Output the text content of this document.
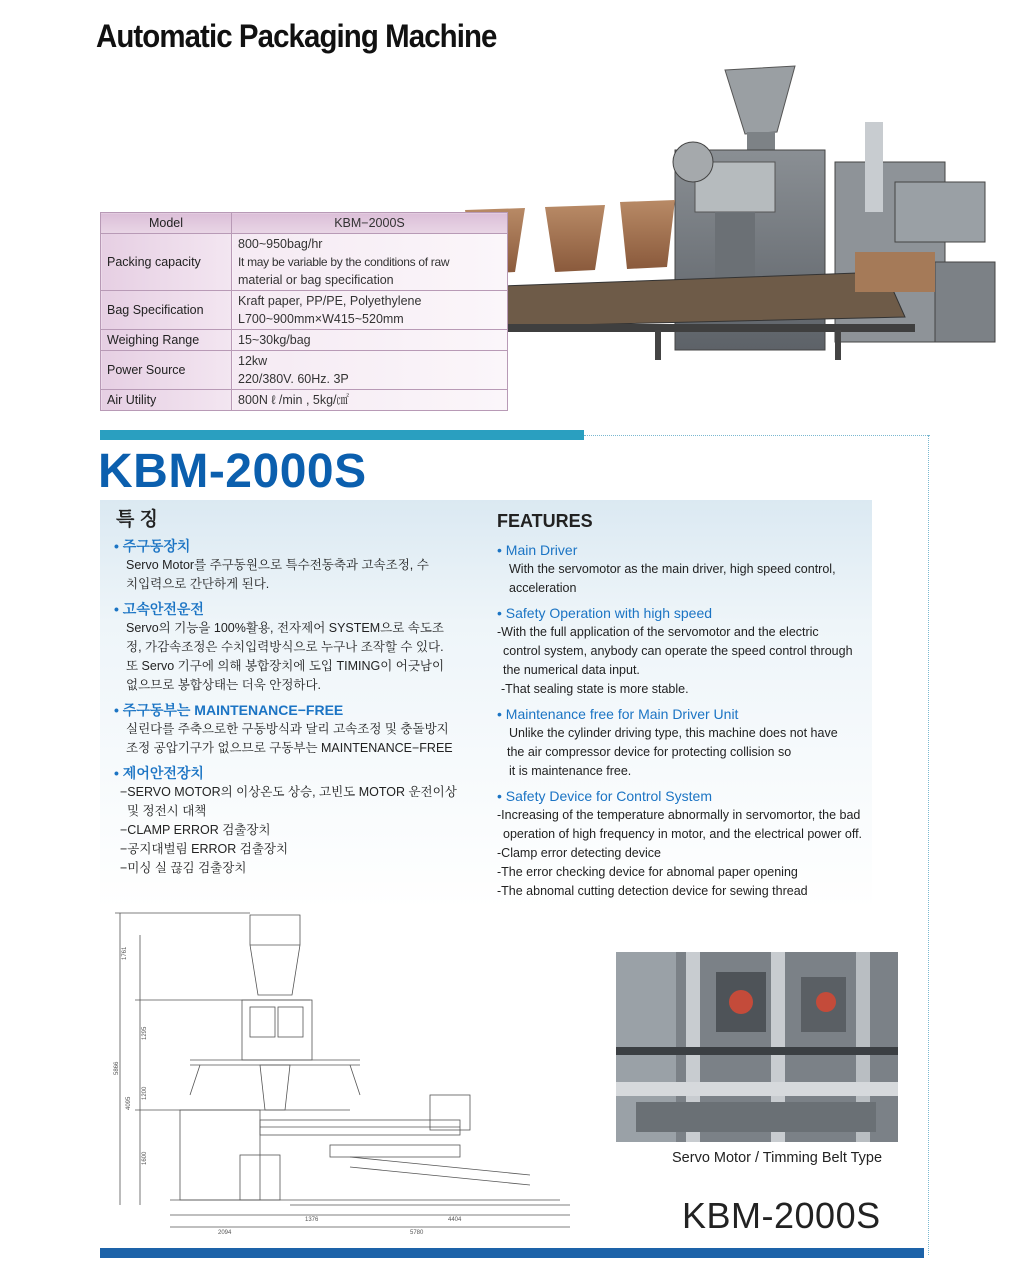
Automatic Packaging Machine
Model	KBM−2000S
Packing capacity	800~950bag/hr
It may be variable by the conditions of raw
material or bag specification

Bag Specification	Kraft paper, PP/PE, Polyethylene
L700~900mm×W415~520mm

Weighing Range	15~30kg/bag
Power Source	12kw
220/380V. 60Hz. 3P

Air Utility	800N ℓ /min , 5kg/㎠
KBM-2000S
특 징
• 주구동장치
Servo Motor를 주구동원으로 특수전동축과 고속조정, 수
치입력으로 간단하게 된다.
• 고속안전운전
Servo의 기능을 100%활용, 전자제어 SYSTEM으로 속도조
정, 가감속조정은 수치입력방식으로 누구나 조작할 수 있다.
또 Servo 기구에 의해 봉합장치에 도입 TIMING이 어긋남이
없으므로 봉합상태는 더욱 안정하다.
• 주구동부는 MAINTENANCE−FREE
실린다를 주축으로한 구동방식과 달리 고속조정 및 충돌방지
조정 공압기구가 없으므로 구동부는 MAINTENANCE−FREE
• 제어안전장치
−SERVO MOTOR의 이상온도 상승, 고빈도 MOTOR 운전이상
및 정전시 대책
−CLAMP ERROR 검출장치
−공지대벌림 ERROR 검출장치
−미싱 실 끊김 검출장치
FEATURES
• Main Driver
With the servomotor as the main driver, high speed control,
acceleration
• Safety Operation with high speed
-With the full application of the servomotor and the electric
control system, anybody can operate the speed control through
the numerical data input.
-That sealing state is more stable.
• Maintenance free for Main Driver Unit
Unlike the cylinder driving type, this machine does not have
the air compressor device for protecting collision so
it is maintenance free.
• Safety Device for Control System
-Increasing of the temperature abnormally in servomortor, the bad
operation of high frequency in motor, and the electrical power off.
-Clamp error detecting device
-The error checking device for abnomal paper opening
-The abnomal cutting detection device for sewing thread
1761
5866
1295
4095
1200
1600
1376	4404
2094	5780
Servo Motor / Timming Belt Type
KBM-2000S
